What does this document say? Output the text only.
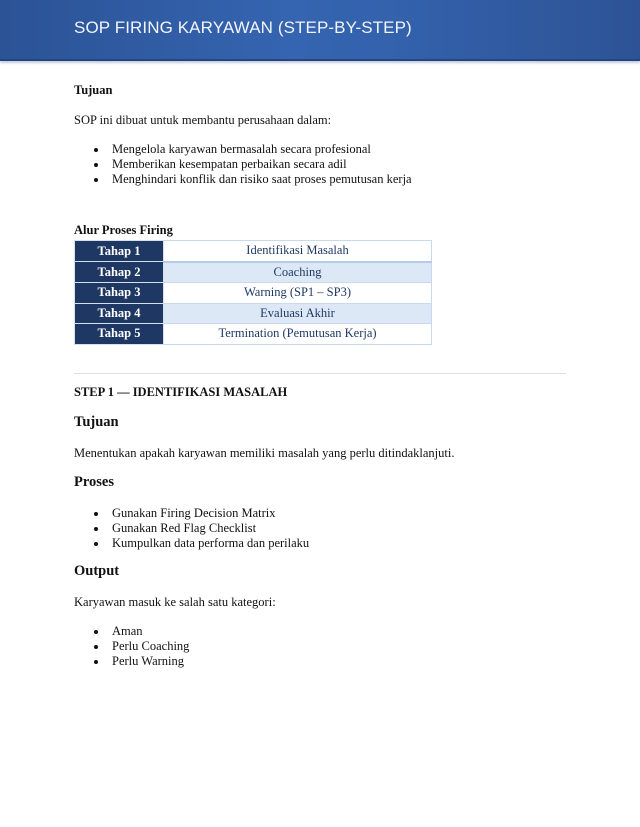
SOP FIRING KARYAWAN (STEP-BY-STEP)
Tujuan
SOP ini dibuat untuk membantu perusahaan dalam:
Mengelola karyawan bermasalah secara profesional
Memberikan kesempatan perbaikan secara adil
Menghindari konflik dan risiko saat proses pemutusan kerja
Alur Proses Firing
Tahap 1	Identifikasi Masalah
Tahap 2	Coaching
Tahap 3	Warning (SP1 – SP3)
Tahap 4	Evaluasi Akhir
Tahap 5	Termination (Pemutusan Kerja)
STEP 1 — IDENTIFIKASI MASALAH
Tujuan
Menentukan apakah karyawan memiliki masalah yang perlu ditindaklanjuti.
Proses
Gunakan Firing Decision Matrix
Gunakan Red Flag Checklist
Kumpulkan data performa dan perilaku
Output
Karyawan masuk ke salah satu kategori:
Aman
Perlu Coaching
Perlu Warning
